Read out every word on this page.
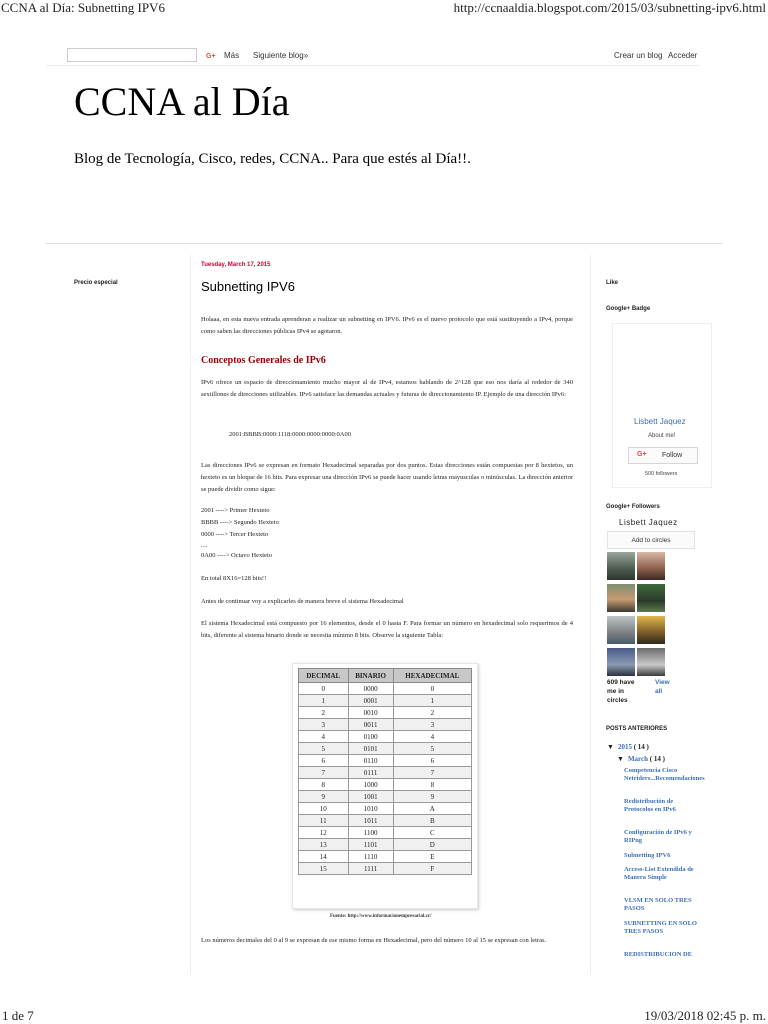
CCNA al Día: Subnetting IPV6	http://ccnaaldia.blogspot.com/2015/03/subnetting-ipv6.html
1 de 7	19/03/2018 02:45 p. m.
G+ Más Siguiente blog»	Crear un blog Acceder
CCNA al Día
Blog de Tecnología, Cisco, redes, CCNA.. Para que estés al Día!!.
Precio especial
Tuesday, March 17, 2015
Subnetting IPV6
Holaaa, en esta nueva entrada aprenderan a realizar un subnetting en IPV6. IPv6 es el nuevo protocolo que está sustituyendo a IPv4, porque como saben las direcciones públicas IPv4 se agotaron.
Conceptos Generales de IPv6
IPv6 ofrece un espacio de direccionamiento mucho mayor al de IPv4, estamos hablando de 2^128 que eso nos daría al rededor de 340 sextillones de direcciones utilizables. IPv6 satisface las demandas actuales y futuras de direccionamiento IP. Ejemplo de una dirección IPv6:
2001:BBBB:0000:1118:0000:0000:0000:0A00
Las direcciones IPv6 se expresan en formato Hexadecimal separadas por dos puntos. Estas direcciones están compuestas por 8 hextetos, un hexteto es un bloque de 16 bits. Para expresar una dirección IPv6 se puede hacer usando letras mayusculas o minúsculas. La dirección anterior se puede dividir como sigue:
2001 ----> Primer Hexteto
BBBB ----> Segundo Hexteto
0000 ----> Tercer Hexteto
....
0A00 ----> Octavo Hexteto
En total 8X16=128 bits!!
Antes de continuar voy a explicarles de manera breve el sistema Hexadecimal
El sistema Hexadecimal está compuesto por 16 elementos, desde el 0 hasta F. Para formar un número en hexadecimal solo requerimos de 4 bits, diferente al sistema binario donde se necesita mínimo 8 bits. Observe la siguiente Tabla:
DECIMAL	BINARIO	HEXADECIMAL
0	0000	0
1	0001	1
2	0010	2
3	0011	3
4	0100	4
5	0101	5
6	0110	6
7	0111	7
8	1000	8
9	1001	9
10	1010	A
11	1011	B
12	1100	C
13	1101	D
14	1110	E
15	1111	F
Fuente: http://www.informacionempresarial.cr/
Los números decimales del 0 al 9 se expresan de ese mismo forma en Hexadecimal, pero del número 10 al 15 se expresan con letras.
Like
Google+ Badge
Lisbett Jaquez
About me!
G+ Follow
500 followers
Google+ Followers
Lisbett Jaquez
Add to circles
609 have me in circles
View all
POSTS ANTERIORES
▼ 2015 ( 14 )
▼ March ( 14 )
Competencia Cisco Netriders...Recomendaciones
Redistribución de Protocolos en IPv6
Configuración de IPv6 y RIPng
Subnetting IPV6
Access-List Extendida de Manera Simple
VLSM EN SOLO TRES PASOS
SUBNETTING EN SOLO TRES PASOS
REDISTRIBUCION DE
